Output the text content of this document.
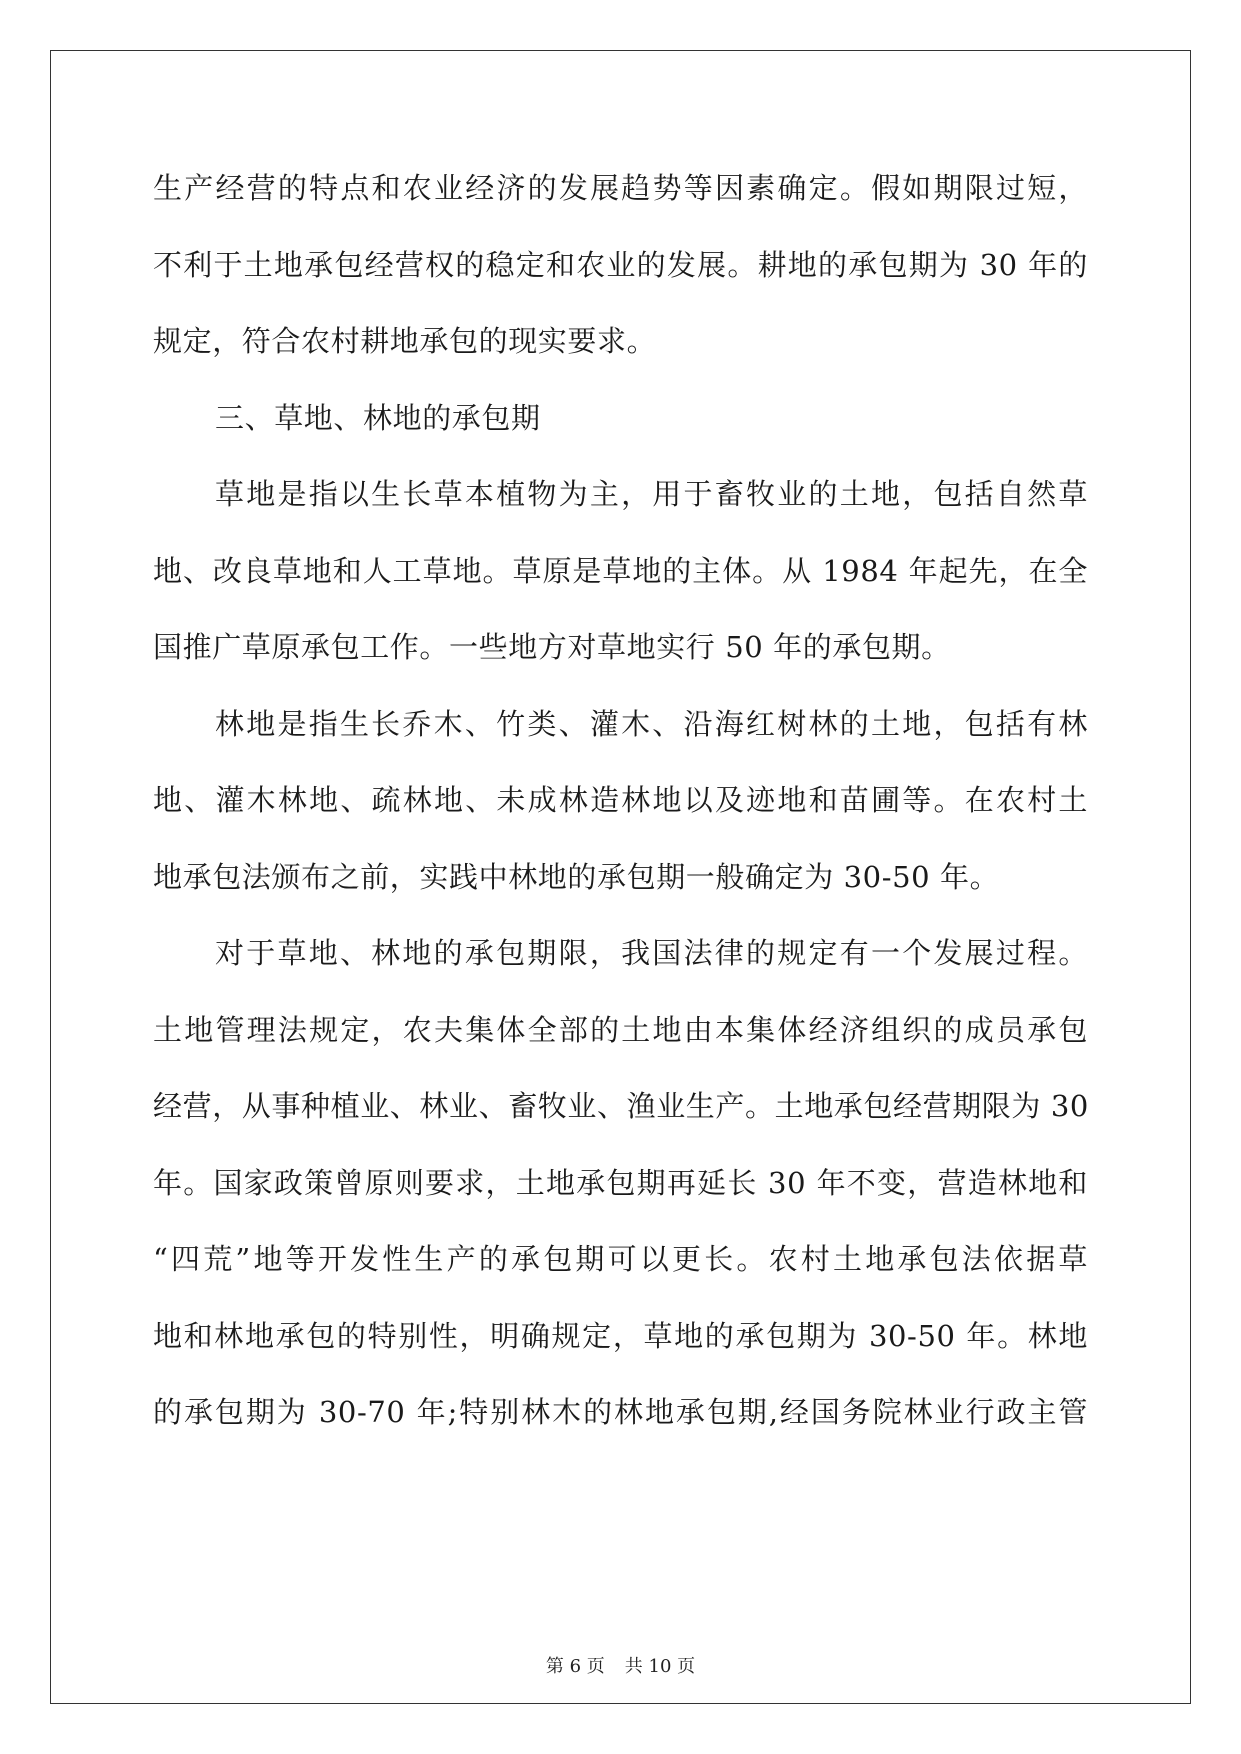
生产经营的特点和农业经济的发展趋势等因素确定。假如期限过短，
不利于土地承包经营权的稳定和农业的发展。耕地的承包期为 30 年的
规定，符合农村耕地承包的现实要求。
三、草地、林地的承包期
草地是指以生长草本植物为主，用于畜牧业的土地，包括自然草
地、改良草地和人工草地。草原是草地的主体。从 1984 年起先，在全
国推广草原承包工作。一些地方对草地实行 50 年的承包期。
林地是指生长乔木、竹类、灌木、沿海红树林的土地，包括有林
地、灌木林地、疏林地、未成林造林地以及迹地和苗圃等。在农村土
地承包法颁布之前，实践中林地的承包期一般确定为 30-50 年。
对于草地、林地的承包期限，我国法律的规定有一个发展过程。
土地管理法规定，农夫集体全部的土地由本集体经济组织的成员承包
经营，从事种植业、林业、畜牧业、渔业生产。土地承包经营期限为 30
年。国家政策曾原则要求，土地承包期再延长 30 年不变，营造林地和
“四荒”地等开发性生产的承包期可以更长。农村土地承包法依据草
地和林地承包的特别性，明确规定，草地的承包期为 30-50 年。林地
的承包期为 30-70 年;特别林木的林地承包期,经国务院林业行政主管
第 6 页 共 10 页
